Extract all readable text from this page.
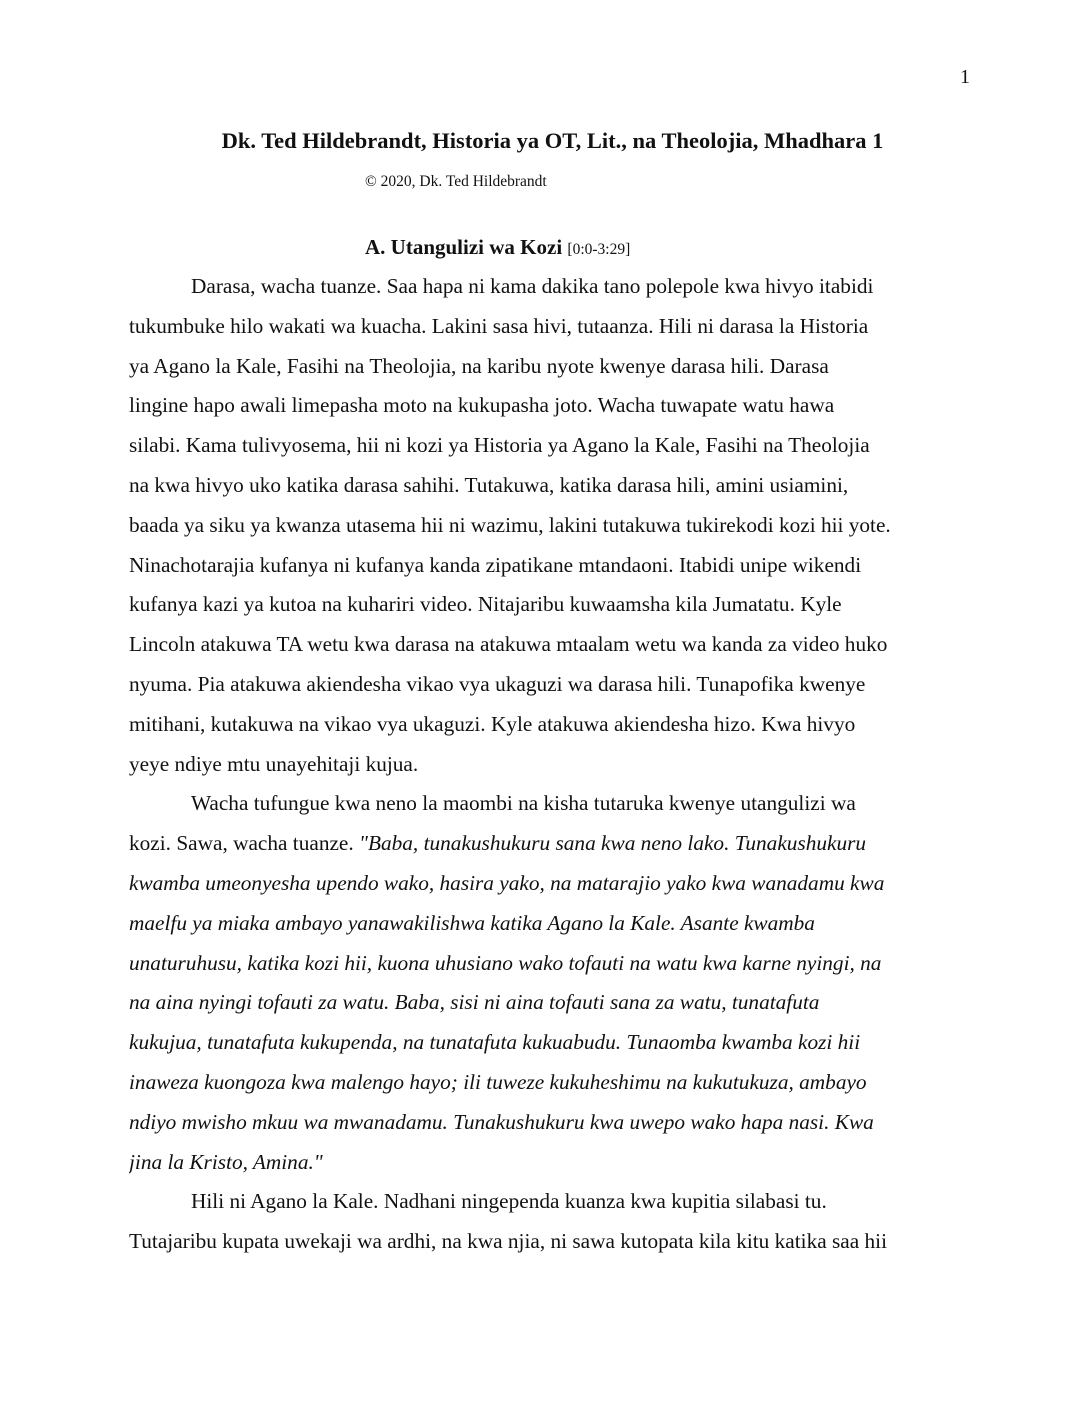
1
Dk. Ted Hildebrandt, Historia ya OT, Lit., na Theolojia, Mhadhara 1
© 2020, Dk. Ted Hildebrandt
A. Utangulizi wa Kozi [0:0-3:29]
Darasa, wacha tuanze. Saa hapa ni kama dakika tano polepole kwa hivyo itabidi
tukumbuke hilo wakati wa kuacha. Lakini sasa hivi, tutaanza. Hili ni darasa la Historia
ya Agano la Kale, Fasihi na Theolojia, na karibu nyote kwenye darasa hili. Darasa
lingine hapo awali limepasha moto na kukupasha joto. Wacha tuwapate watu hawa
silabi. Kama tulivyosema, hii ni kozi ya Historia ya Agano la Kale, Fasihi na Theolojia
na kwa hivyo uko katika darasa sahihi. Tutakuwa, katika darasa hili, amini usiamini,
baada ya siku ya kwanza utasema hii ni wazimu, lakini tutakuwa tukirekodi kozi hii yote.
Ninachotarajia kufanya ni kufanya kanda zipatikane mtandaoni. Itabidi unipe wikendi
kufanya kazi ya kutoa na kuhariri video. Nitajaribu kuwaamsha kila Jumatatu. Kyle
Lincoln atakuwa TA wetu kwa darasa na atakuwa mtaalam wetu wa kanda za video huko
nyuma. Pia atakuwa akiendesha vikao vya ukaguzi wa darasa hili. Tunapofika kwenye
mitihani, kutakuwa na vikao vya ukaguzi. Kyle atakuwa akiendesha hizo. Kwa hivyo
yeye ndiye mtu unayehitaji kujua.
Wacha tufungue kwa neno la maombi na kisha tutaruka kwenye utangulizi wa
kozi. Sawa, wacha tuanze. "Baba, tunakushukuru sana kwa neno lako. Tunakushukuru
kwamba umeonyesha upendo wako, hasira yako, na matarajio yako kwa wanadamu kwa
maelfu ya miaka ambayo yanawakilishwa katika Agano la Kale. Asante kwamba
unaturuhusu, katika kozi hii, kuona uhusiano wako tofauti na watu kwa karne nyingi, na
na aina nyingi tofauti za watu. Baba, sisi ni aina tofauti sana za watu, tunatafuta
kukujua, tunatafuta kukupenda, na tunatafuta kukuabudu. Tunaomba kwamba kozi hii
inaweza kuongoza kwa malengo hayo; ili tuweze kukuheshimu na kukutukuza, ambayo
ndiyo mwisho mkuu wa mwanadamu. Tunakushukuru kwa uwepo wako hapa nasi. Kwa
jina la Kristo, Amina."
Hili ni Agano la Kale. Nadhani ningependa kuanza kwa kupitia silabasi tu.
Tutajaribu kupata uwekaji wa ardhi, na kwa njia, ni sawa kutopata kila kitu katika saa hii
